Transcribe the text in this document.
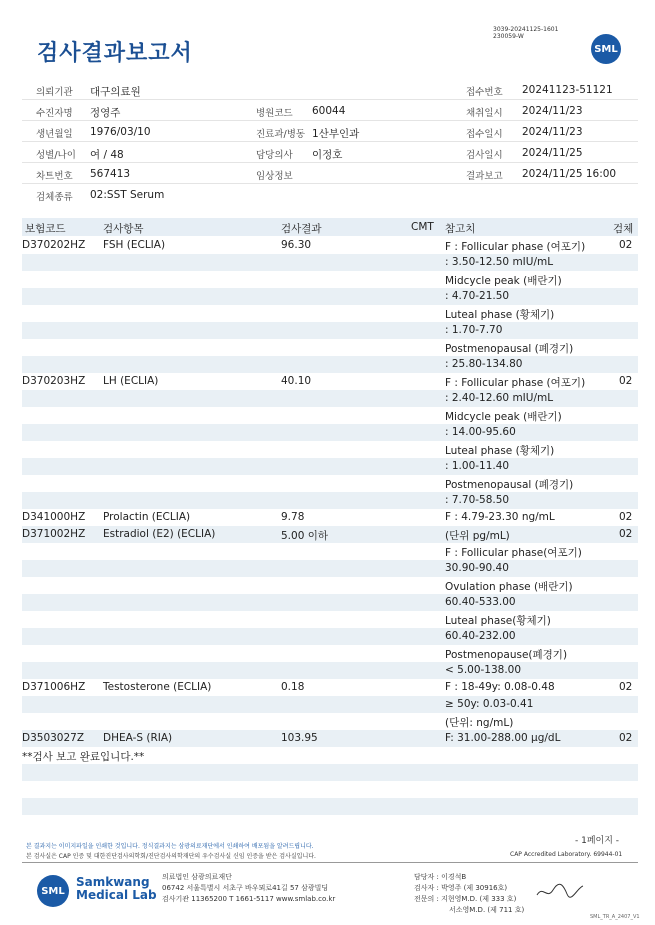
검사결과보고서
3039-20241125-1601
230059-W
SML
의뢰기관 대구의료원	접수번호 20241123-51121
수진자명 정영주	병원코드 60044	채취일시 2024/11/23
생년월일 1976/03/10	진료과/병동 1산부인과	접수일시 2024/11/23
성별/나이 여 / 48	담당의사 이정호	검사일시 2024/11/25
차트번호 567413	임상정보	결과보고 2024/11/25 16:00
검체종류 02:SST Serum
보험코드	검사항목	검사결과	CMT 참고치	검체
D370202HZ FSH (ECLIA)	96.30	F : Follicular phase (여포기)	02
: 3.50-12.50 mIU/mL
Midcycle peak (배란기)
: 4.70-21.50
Luteal phase (황체기)
: 1.70-7.70
Postmenopausal (폐경기)
: 25.80-134.80
D370203HZ LH (ECLIA)	40.10	F : Follicular phase (여포기)	02
: 2.40-12.60 mIU/mL
Midcycle peak (배란기)
: 14.00-95.60
Luteal phase (황체기)
: 1.00-11.40
Postmenopausal (폐경기)
: 7.70-58.50
D341000HZ Prolactin (ECLIA)	9.78	F : 4.79-23.30 ng/mL	02
D371002HZ Estradiol (E2) (ECLIA)	5.00 이하	(단위 pg/mL)	02
F : Follicular phase(여포기)
30.90-90.40
Ovulation phase (배란기)
60.40-533.00
Luteal phase(황체기)
60.40-232.00
Postmenopause(폐경기)
< 5.00-138.00
D371006HZ Testosterone (ECLIA)	0.18	F : 18-49y: 0.08-0.48	02
≥ 50y: 0.03-0.41
(단위: ng/mL)
D3503027Z DHEA-S (RIA)	103.95	F: 31.00-288.00 µg/dL	02
**검사 보고 완료입니다.**
- 1페이지 -
본 결과지는 이미지파일을 인쇄한 것입니다. 정식결과지는 삼광의료재단에서 인쇄하여 배포됨을 알려드립니다.
본 검사실은 CAP 인증 및 대한진단검사의학회/진단검사의학재단의 우수검사실 신임 인증을 받은 검사실입니다.	CAP Accredited Laboratory. 69944-01
SML
Samkwang
Medical Lab
의료법인 삼광의료재단
06742 서울특별시 서초구 바우뫼로41길 57 삼광빌딩
검사기관 11365200 T 1661-5117 www.smlab.co.kr
담당자 : 이경석B
검사자 : 박영주 (제 30916호)
전문의 : 지현영M.D. (제 333 호)
서소영M.D. (제 711 호)
SML_TR_A_2407_V1
